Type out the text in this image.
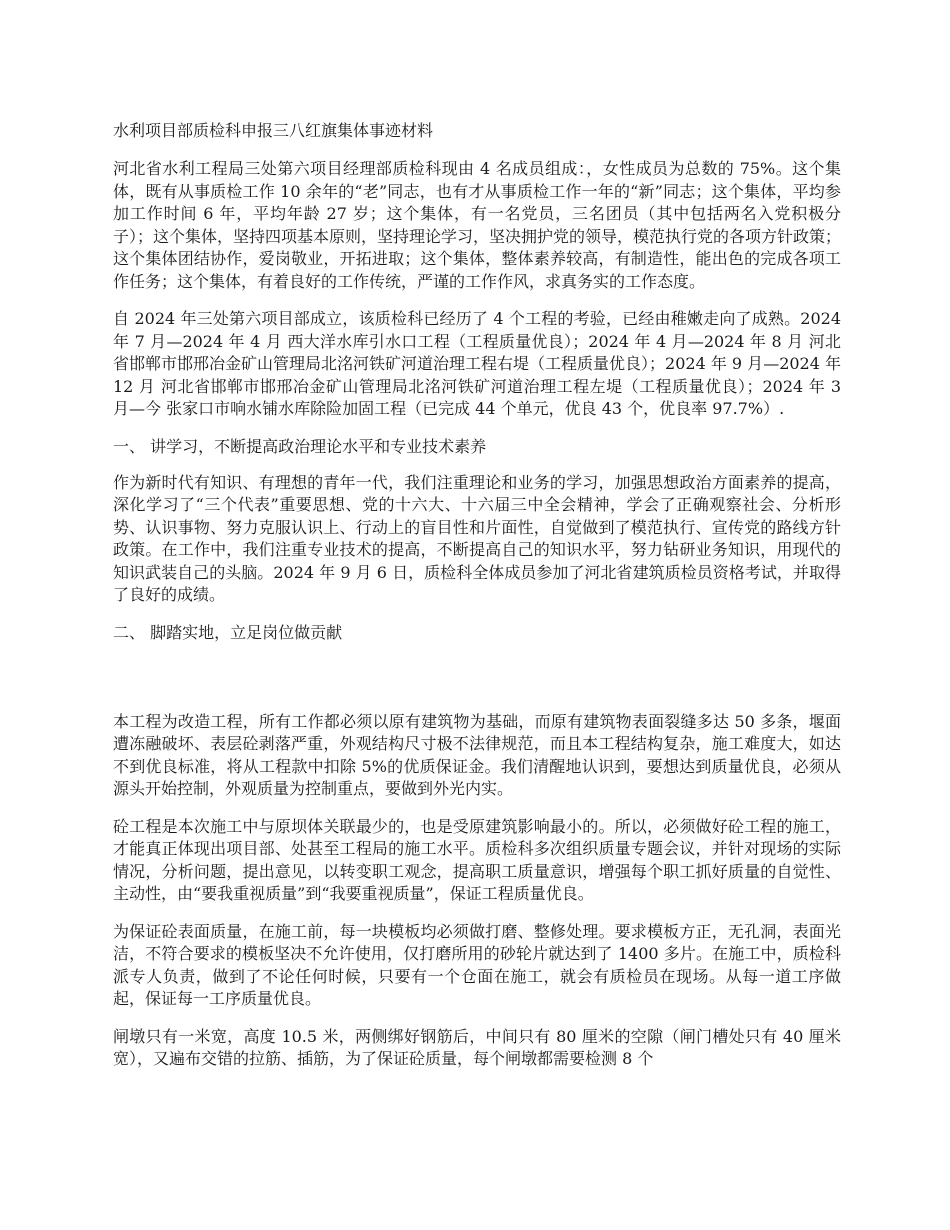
水利项目部质检科申报三八红旗集体事迹材料

河北省水利工程局三处第六项目经理部质检科现由 4 名成员组成：，女性成员为总数的 75%。这个集体，既有从事质检工作 10 余年的“老”同志，也有才从事质检工作一年的“新”同志；这个集体，平均参加工作时间 6 年，平均年龄 27 岁；这个集体，有一名党员，三名团员（其中包括两名入党积极分子）；这个集体，坚持四项基本原则，坚持理论学习，坚决拥护党的领导，模范执行党的各项方针政策；这个集体团结协作，爱岗敬业，开拓进取；这个集体，整体素养较高，有制造性，能出色的完成各项工作任务；这个集体，有着良好的工作传统，严谨的工作作风，求真务实的工作态度。

自 2024 年三处第六项目部成立，该质检科已经历了 4 个工程的考验，已经由稚嫩走向了成熟。2024 年 7 月—2024 年 4 月 西大洋水库引水口工程（工程质量优良）；2024 年 4 月—2024 年 8 月 河北省邯郸市邯邢冶金矿山管理局北洺河铁矿河道治理工程右堤（工程质量优良）；2024 年 9 月—2024 年 12 月 河北省邯郸市邯邢冶金矿山管理局北洺河铁矿河道治理工程左堤（工程质量优良）；2024 年 3 月—今 张家口市响水铺水库除险加固工程（已完成 44 个单元，优良 43 个，优良率 97.7%）.

一、 讲学习，不断提高政治理论水平和专业技术素养

作为新时代有知识、有理想的青年一代，我们注重理论和业务的学习，加强思想政治方面素养的提高，深化学习了“三个代表”重要思想、党的十六大、十六届三中全会精神，学会了正确观察社会、分析形势、认识事物、努力克服认识上、行动上的盲目性和片面性，自觉做到了模范执行、宣传党的路线方针政策。在工作中，我们注重专业技术的提高，不断提高自己的知识水平，努力钻研业务知识，用现代的知识武装自己的头脑。2024 年 9 月 6 日，质检科全体成员参加了河北省建筑质检员资格考试，并取得了良好的成绩。

二、 脚踏实地，立足岗位做贡献

本工程为改造工程，所有工作都必须以原有建筑物为基础，而原有建筑物表面裂缝多达 50 多条，堰面遭冻融破坏、表层砼剥落严重，外观结构尺寸极不法律规范，而且本工程结构复杂，施工难度大，如达不到优良标准，将从工程款中扣除 5%的优质保证金。我们清醒地认识到，要想达到质量优良，必须从源头开始控制，外观质量为控制重点，要做到外光内实。

砼工程是本次施工中与原坝体关联最少的，也是受原建筑影响最小的。所以，必须做好砼工程的施工，才能真正体现出项目部、处甚至工程局的施工水平。质检科多次组织质量专题会议，并针对现场的实际情况，分析问题，提出意见，以转变职工观念，提高职工质量意识，增强每个职工抓好质量的自觉性、主动性，由“要我重视质量”到“我要重视质量”，保证工程质量优良。

为保证砼表面质量，在施工前，每一块模板均必须做打磨、整修处理。要求模板方正，无孔洞，表面光洁，不符合要求的模板坚决不允许使用，仅打磨所用的砂轮片就达到了 1400 多片。在施工中，质检科派专人负责，做到了不论任何时候，只要有一个仓面在施工，就会有质检员在现场。从每一道工序做起，保证每一工序质量优良。

闸墩只有一米宽，高度 10.5 米，两侧绑好钢筋后，中间只有 80 厘米的空隙（闸门槽处只有 40 厘米宽），又遍布交错的拉筋、插筋，为了保证砼质量，每个闸墩都需要检测 8 个
